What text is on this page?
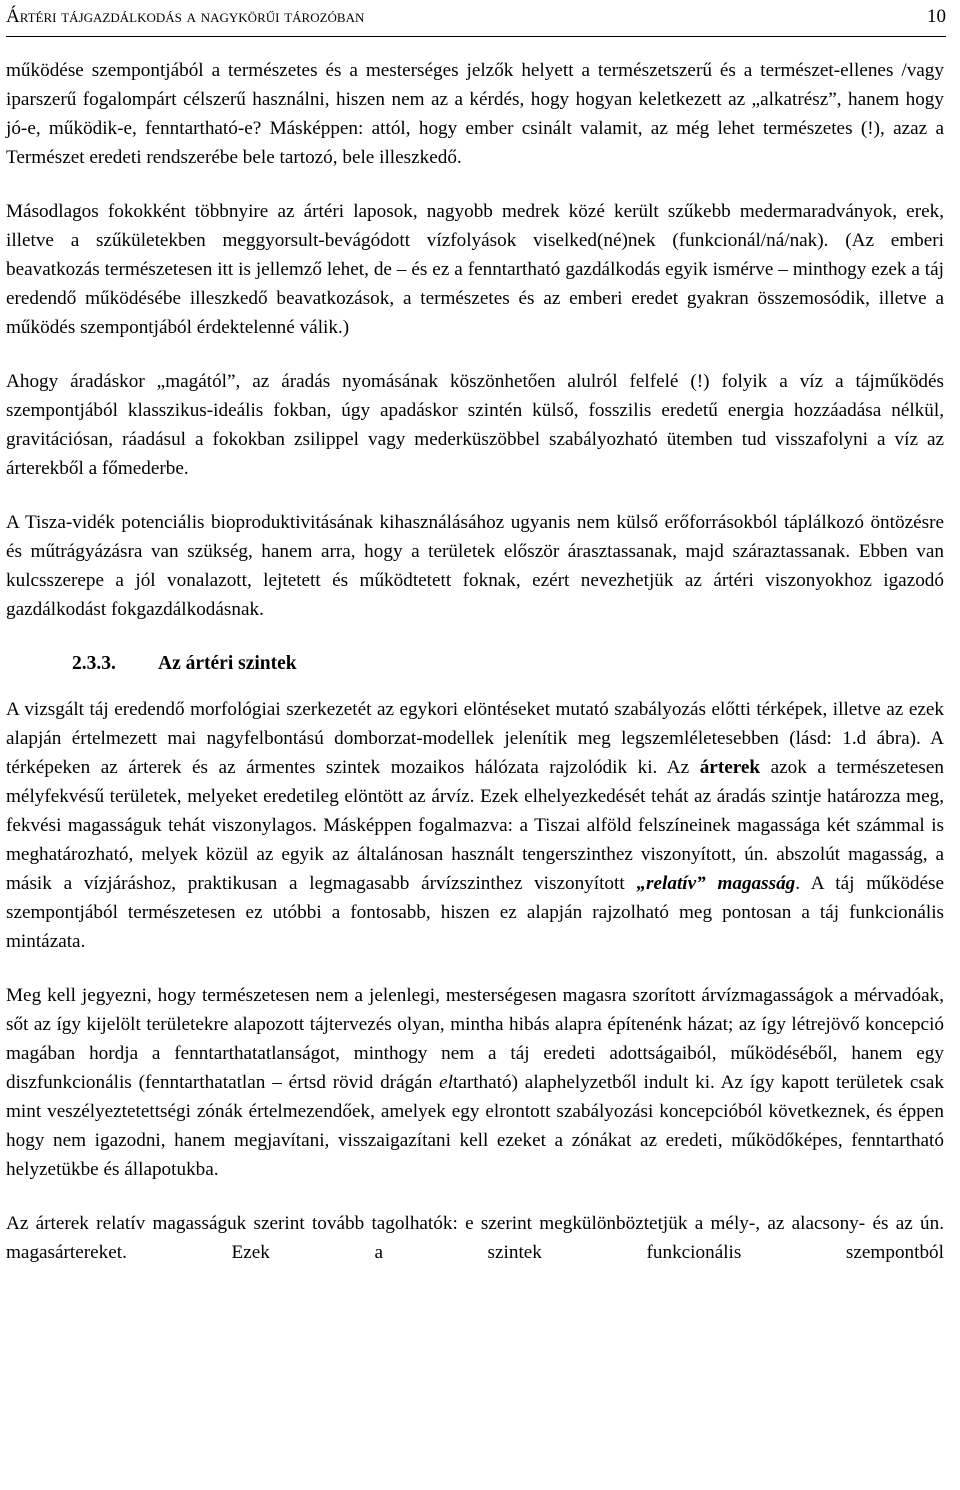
Ártéri tájgazdálkodás a nagykörűi tározóban	10

működése szempontjából a természetes és a mesterséges jelzők helyett a természetszerű és a természet-ellenes /vagy iparszerű fogalompárt célszerű használni, hiszen nem az a kérdés, hogy hogyan keletkezett az „alkatrész”, hanem hogy jó-e, működik-e, fenntartható-e? Másképpen: attól, hogy ember csinált valamit, az még lehet természetes (!), azaz a Természet eredeti rendszerébe bele tartozó, bele illeszkedő.

Másodlagos fokokként többnyire az ártéri laposok, nagyobb medrek közé került szűkebb medermaradványok, erek, illetve a szűkületekben meggyorsult-bevágódott vízfolyások viselked(né)nek (funkcionál/ná/nak). (Az emberi beavatkozás természetesen itt is jellemző lehet, de – és ez a fenntartható gazdálkodás egyik ismérve – minthogy ezek a táj eredendő működésébe illeszkedő beavatkozások, a természetes és az emberi eredet gyakran összemosódik, illetve a működés szempontjából érdektelenné válik.)

Ahogy áradáskor „magától”, az áradás nyomásának köszönhetően alulról felfelé (!) folyik a víz a tájműködés szempontjából klasszikus-ideális fokban, úgy apadáskor szintén külső, fosszilis eredetű energia hozzáadása nélkül, gravitációsan, ráadásul a fokokban zsilippel vagy mederküszöbbel szabályozható ütemben tud visszafolyni a víz az árterekből a főmederbe.

A Tisza-vidék potenciális bioproduktivitásának kihasználásához ugyanis nem külső erőforrásokból táplálkozó öntözésre és műtrágyázásra van szükség, hanem arra, hogy a területek először árasztassanak, majd száraztassanak. Ebben van kulcsszerepe a jól vonalazott, lejtetett és működtetett foknak, ezért nevezhetjük az ártéri viszonyokhoz igazodó gazdálkodást fokgazdálkodásnak.

2.3.3. Az ártéri szintek

A vizsgált táj eredendő morfológiai szerkezetét az egykori elöntéseket mutató szabályozás előtti térképek, illetve az ezek alapján értelmezett mai nagyfelbontású domborzat-modellek jelenítik meg legszemléletesebben (lásd: 1.d ábra). A térképeken az árterek és az ármentes szintek mozaikos hálózata rajzolódik ki. Az árterek azok a természetesen mélyfekvésű területek, melyeket eredetileg elöntött az árvíz. Ezek elhelyezkedését tehát az áradás szintje határozza meg, fekvési magasságuk tehát viszonylagos. Másképpen fogalmazva: a Tiszai alföld felszíneinek magassága két számmal is meghatározható, melyek közül az egyik az általánosan használt tengerszinthez viszonyított, ún. abszolút magasság, a másik a vízjáráshoz, praktikusan a legmagasabb árvízszinthez viszonyított „relatív” magasság. A táj működése szempontjából természetesen ez utóbbi a fontosabb, hiszen ez alapján rajzolható meg pontosan a táj funkcionális mintázata.

Meg kell jegyezni, hogy természetesen nem a jelenlegi, mesterségesen magasra szorított árvízmagasságok a mérvadóak, sőt az így kijelölt területekre alapozott tájtervezés olyan, mintha hibás alapra építenénk házat; az így létrejövő koncepció magában hordja a fenntarthatatlanságot, minthogy nem a táj eredeti adottságaiból, működéséből, hanem egy diszfunkcionális (fenntarthatatlan – értsd rövid drágán eltartható) alaphelyzetből indult ki. Az így kapott területek csak mint veszélyeztetettségi zónák értelmezendőek, amelyek egy elrontott szabályozási koncepcióból következnek, és éppen hogy nem igazodni, hanem megjavítani, visszaigazítani kell ezeket a zónákat az eredeti, működőképes, fenntartható helyzetükbe és állapotukba.

Az árterek relatív magasságuk szerint tovább tagolhatók: e szerint megkülönböztetjük a mély-, az alacsony- és az ún. magasártereket. Ezek a szintek funkcionális szempontból
